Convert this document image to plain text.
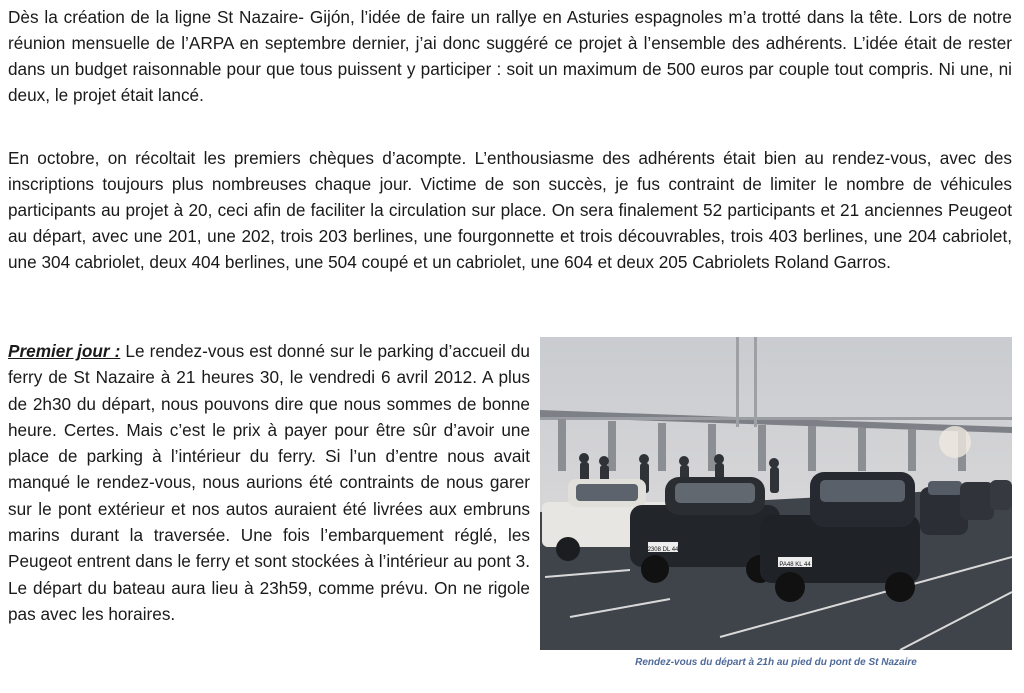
Dès la création de la ligne St Nazaire- Gijón, l’idée de faire un rallye en Asturies espagnoles m’a trotté dans la tête. Lors de notre réunion mensuelle de l’ARPA en septembre dernier, j’ai donc suggéré ce projet à l’ensemble des adhérents. L’idée était de rester dans un budget raisonnable pour que tous puissent y participer : soit un maximum de 500 euros par couple tout compris. Ni une, ni deux, le projet était lancé.

En octobre, on récoltait les premiers chèques d’acompte. L’enthousiasme des adhérents était bien au rendez-vous, avec des inscriptions toujours plus nombreuses chaque jour. Victime de son succès, je fus contraint de limiter le nombre de véhicules participants au projet à 20, ceci afin de faciliter la circulation sur place. On sera finalement 52 participants et 21 anciennes Peugeot au départ, avec une 201, une 202, trois 203 berlines, une fourgonnette et trois découvrables, trois 403 berlines, une 204 cabriolet, une 304 cabriolet, deux 404 berlines, une 504 coupé et un cabriolet, une 604 et deux 205 Cabriolets Roland Garros.

Premier jour : Le rendez-vous est donné sur le parking d’accueil du ferry de St Nazaire à 21 heures 30, le vendredi 6 avril 2012. A plus de 2h30 du départ, nous pouvons dire que nous sommes de bonne heure. Certes. Mais c’est le prix à payer pour être sûr d’avoir une place de parking à l’intérieur du ferry. Si l’un d’entre nous avait manqué le rendez-vous, nous aurions été contraints de nous garer sur le pont extérieur et nos autos auraient été livrées aux embruns marins durant la traversée. Une fois l’embarquement réglé, les Peugeot entrent dans le ferry et sont stockées à l’intérieur au pont 3. Le départ du bateau aura lieu à 23h59, comme prévu. On ne rigole pas avec les horaires.

2308 DL 44
PA48 KL 44
Rendez-vous du départ à 21h au pied du pont de St Nazaire
